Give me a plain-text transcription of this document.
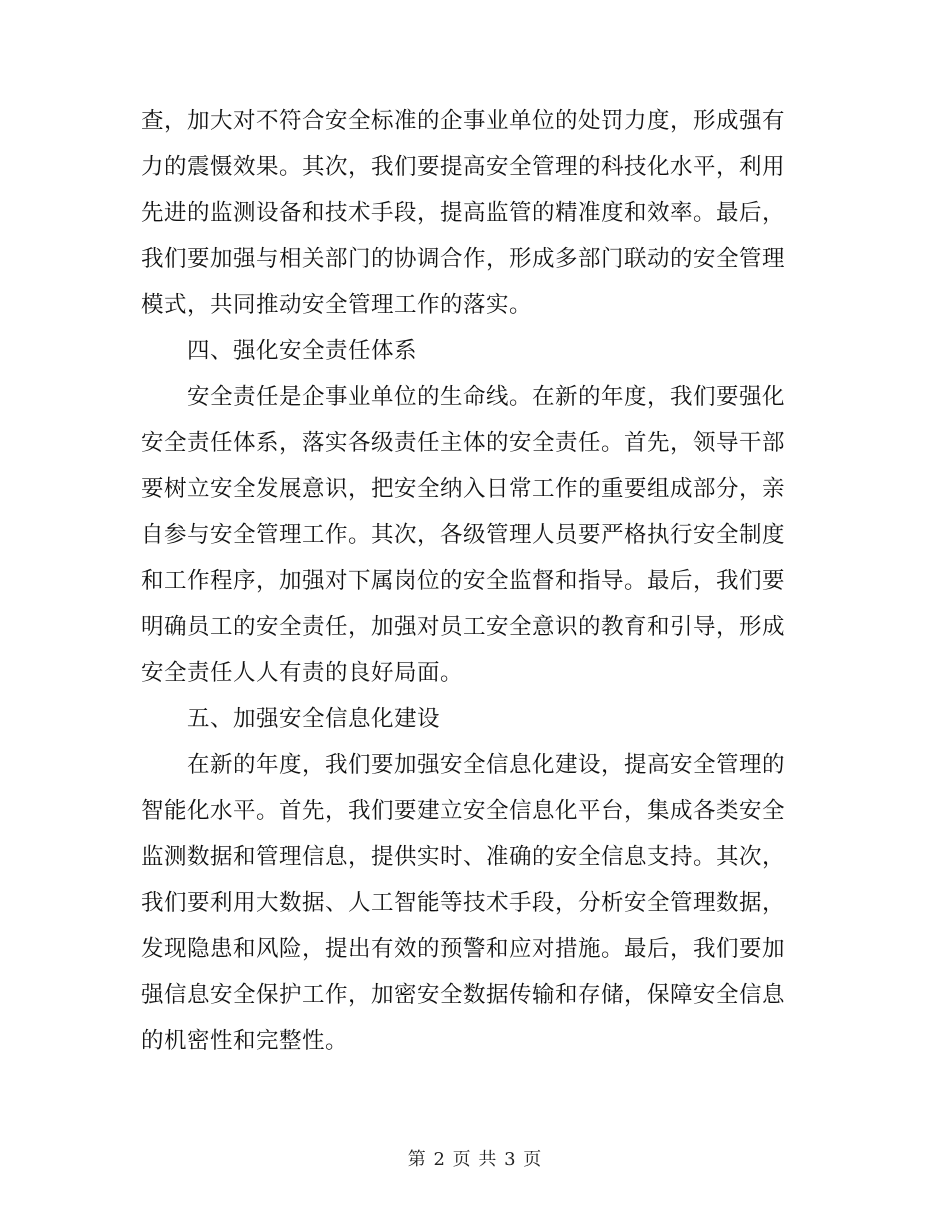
查，加大对不符合安全标准的企事业单位的处罚力度，形成强有
力的震慑效果。其次，我们要提高安全管理的科技化水平，利用
先进的监测设备和技术手段，提高监管的精准度和效率。最后，
我们要加强与相关部门的协调合作，形成多部门联动的安全管理
模式，共同推动安全管理工作的落实。
四、强化安全责任体系
安全责任是企事业单位的生命线。在新的年度，我们要强化
安全责任体系，落实各级责任主体的安全责任。首先，领导干部
要树立安全发展意识，把安全纳入日常工作的重要组成部分，亲
自参与安全管理工作。其次，各级管理人员要严格执行安全制度
和工作程序，加强对下属岗位的安全监督和指导。最后，我们要
明确员工的安全责任，加强对员工安全意识的教育和引导，形成
安全责任人人有责的良好局面。
五、加强安全信息化建设
在新的年度，我们要加强安全信息化建设，提高安全管理的
智能化水平。首先，我们要建立安全信息化平台，集成各类安全
监测数据和管理信息，提供实时、准确的安全信息支持。其次，
我们要利用大数据、人工智能等技术手段，分析安全管理数据，
发现隐患和风险，提出有效的预警和应对措施。最后，我们要加
强信息安全保护工作，加密安全数据传输和存储，保障安全信息
的机密性和完整性。
第 2 页 共 3 页
